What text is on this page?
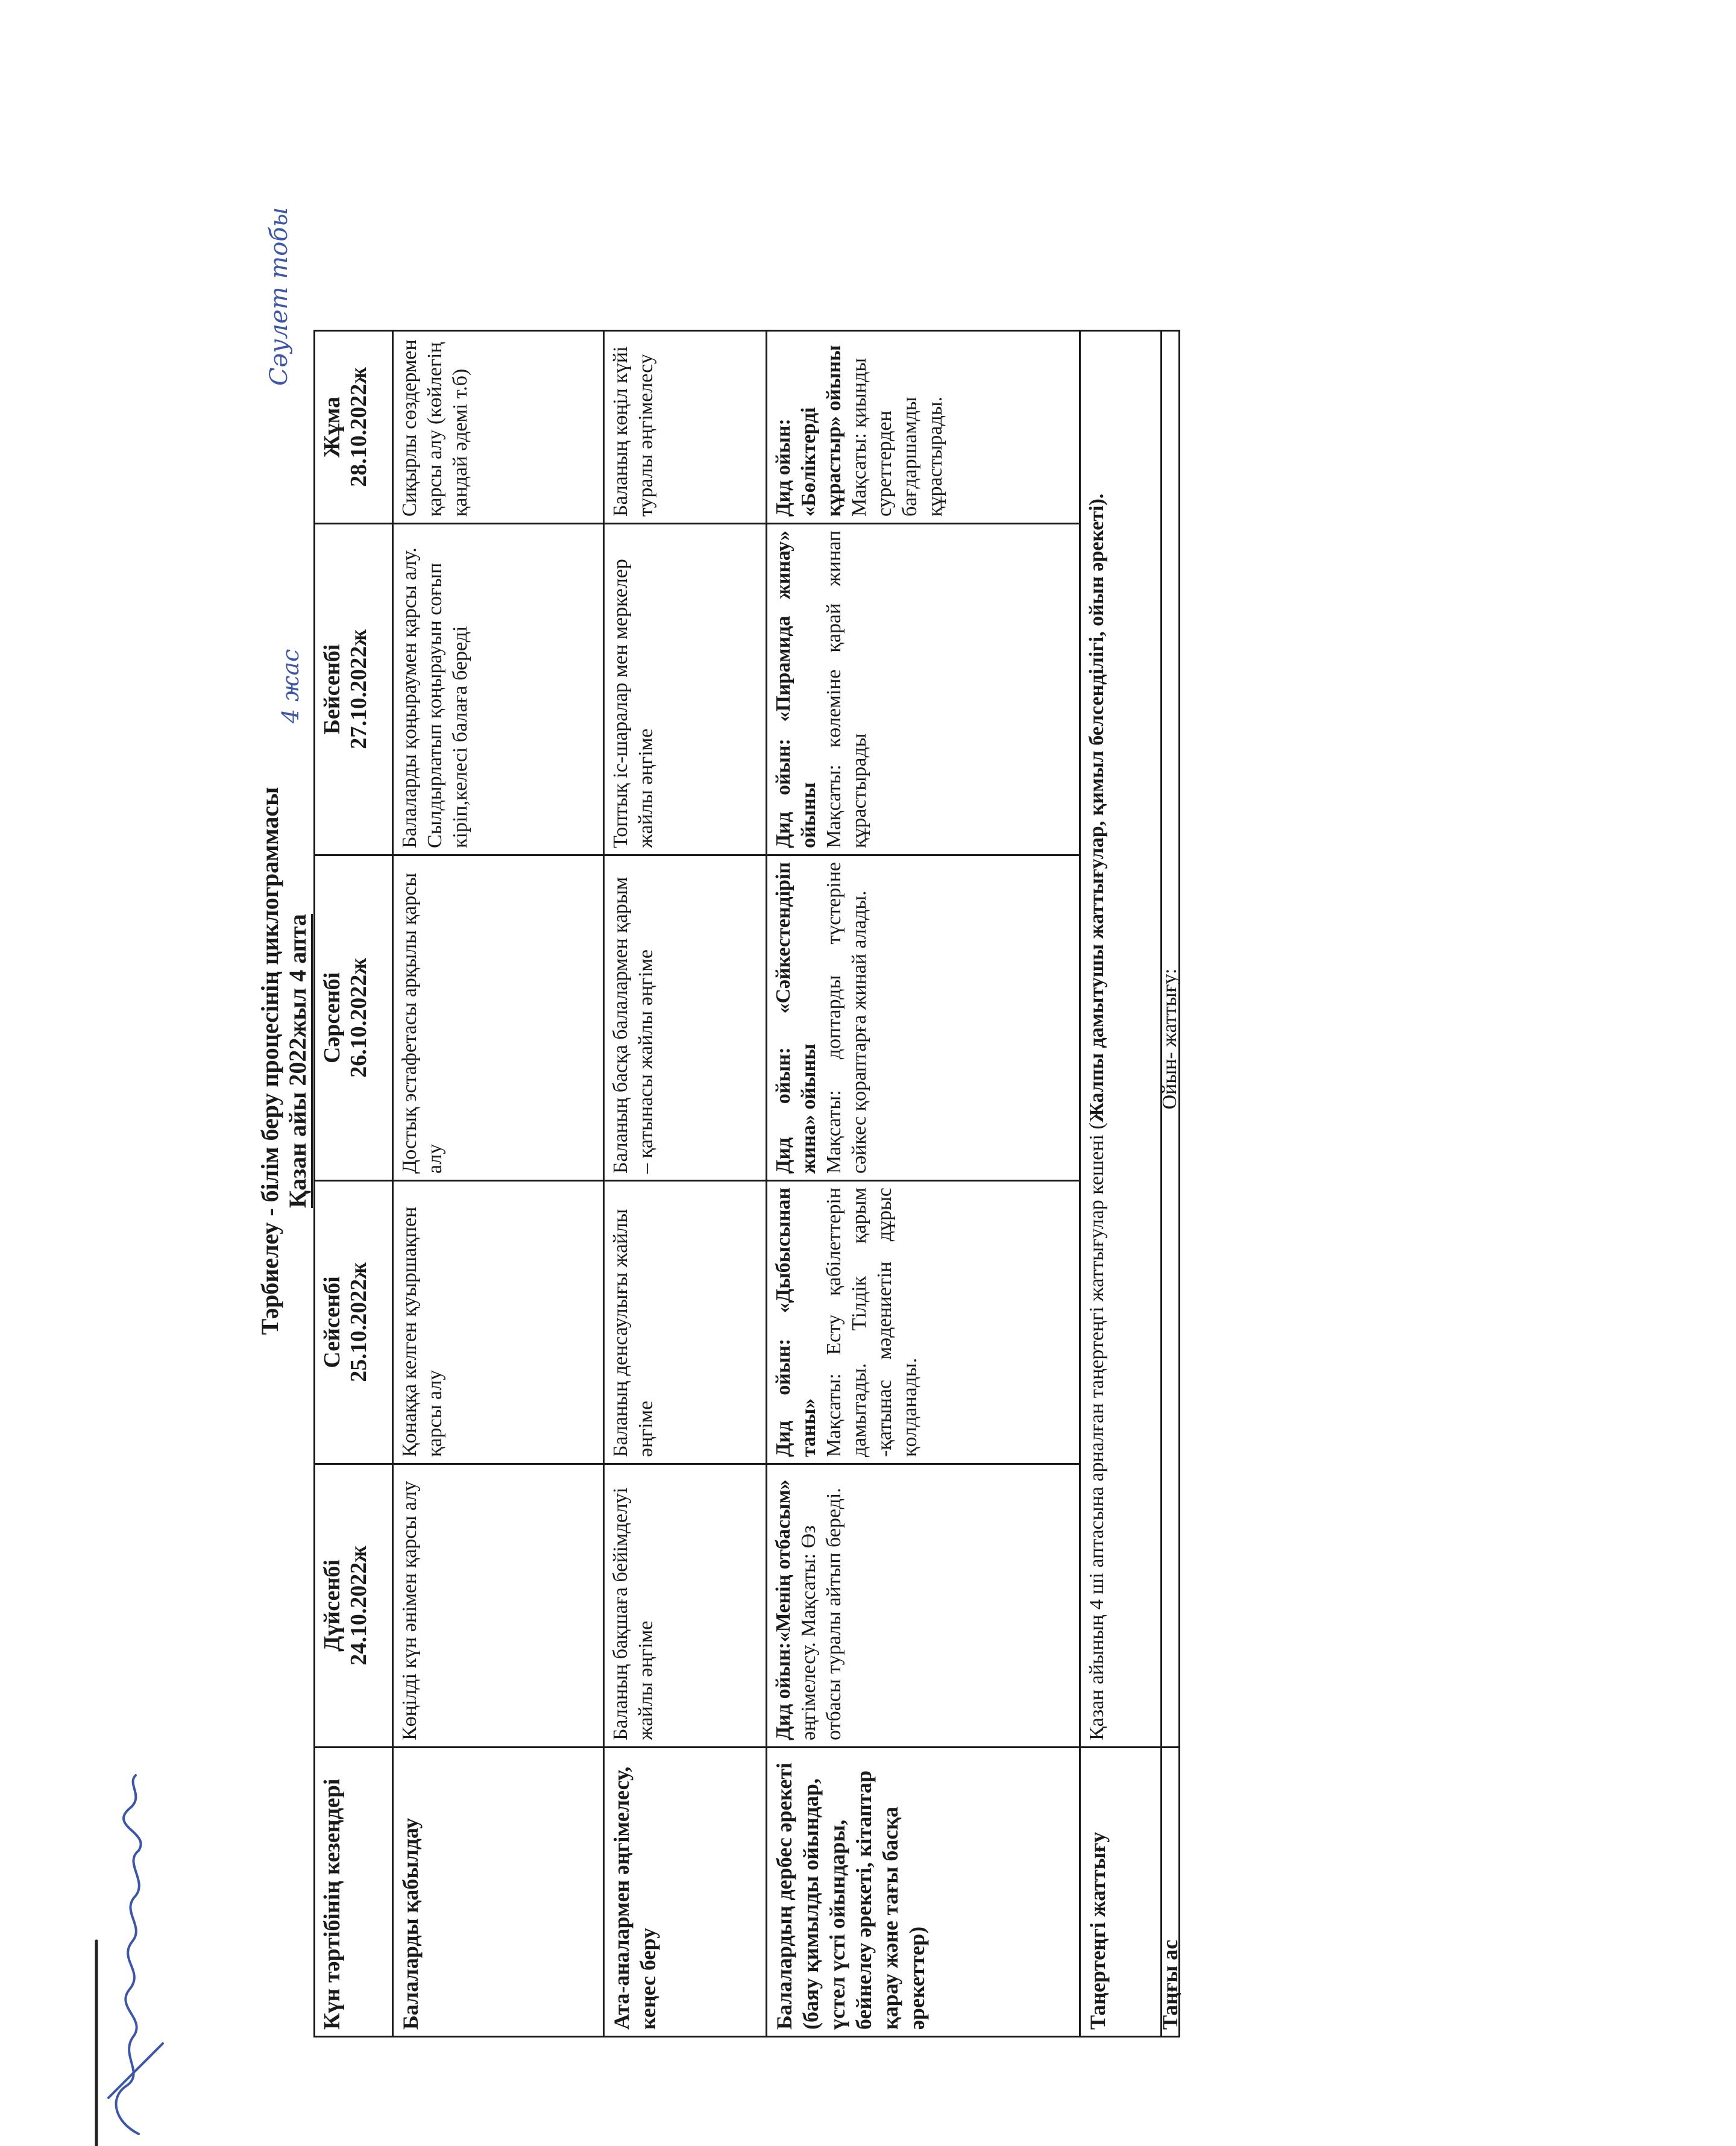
Тәрбиелеу - білім беру процесінің циклограммасы Қазан айы 2022жыл 4 апта
4 жас
Сәулет тобы
Күн тәртібінің кезеңдері
Дүйсенбі 24.10.2022ж
Сейсенбі 25.10.2022ж
Сәрсенбі 26.10.2022ж
Бейсенбі 27.10.2022ж
Жұма 28.10.2022ж
Балаларды қабылдау
Көңілді күн әнімен қарсы алу
Қонаққа келген қуыршақпен қарсы алу
Достық эстафетасы арқылы қарсы алу
Балаларды қоңыраумен қарсы алу. Сылдырлатып қоңырауын соғып кіріп,келесі балаға береді
Сиқырлы сөздермен қарсы алу (көйлегің қандай әдемі т.б)
Ата-аналармен әңгімелесу, кеңес беру
Баланың бақшаға бейімделуі жайлы әңгіме
Баланың денсаулығы жайлы әңгіме
Баланың басқа балалармен қарым – қатынасы жайлы әңгіме
Топтық іс-шаралар мен меркелер жайлы әңгіме
Баланың көңіл күйі туралы әңгімелесу
Балалардың дербес әрекеті (баяу қимылды ойындар, үстел үсті ойындары, бейнелеу әрекеті, кітаптар қарау және тағы басқа әрекеттер)
Дид ойын:«Менің отбасым» әңгімелесу. Мақсаты: Өз отбасы туралы айтып береді.
Дид ойын: «Дыбысынан таны» Мақсаты: Есту қабілеттерін дамытады. Тілдік қарым -қатынас мәдениетін дұрыс қолданады.
Дид ойын: «Сәйкестендіріп жина» ойыны Мақсаты: доптарды түстеріне сәйкес қораптарға жинай алады.
Дид ойын: «Пирамида жинау» ойыны Мақсаты: көлеміне қарай жинап құрастырады
Дид ойын: «Бөліктерді құрастыр» ойыны Мақсаты: қиынды суреттерден бағдаршамды құрастырады.
Таңертеңгі жаттығу
Қазан айының 4 ші аптасына арналған таңертеңгі жаттығулар кешені (Жалпы дамытушы жаттығулар, қимыл белсенділігі, ойын әрекеті).
Таңғы ас
Ойын- жаттығу:
